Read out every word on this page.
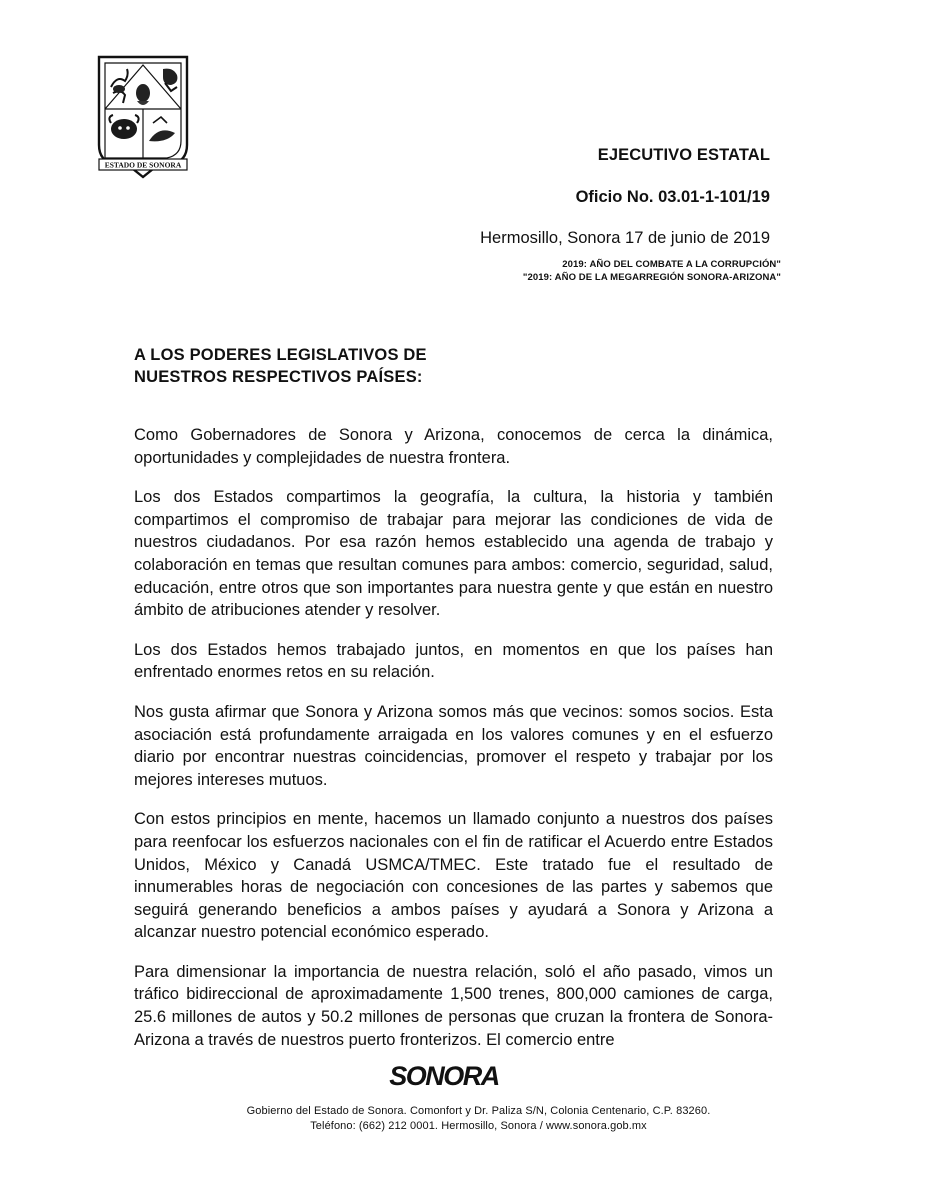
ESTADO DE SONORA
EJECUTIVO ESTATAL
Oficio No. 03.01-1-101/19
Hermosillo, Sonora 17 de junio de 2019
2019: AÑO DEL COMBATE A LA CORRUPCIÓN"
"2019: AÑO DE LA MEGARREGIÓN SONORA-ARIZONA"
A LOS PODERES LEGISLATIVOS DE
NUESTROS RESPECTIVOS PAÍSES:

Como Gobernadores de Sonora y Arizona, conocemos de cerca la dinámica, oportunidades y complejidades de nuestra frontera.

Los dos Estados compartimos la geografía, la cultura, la historia y también compartimos el compromiso de trabajar para mejorar las condiciones de vida de nuestros ciudadanos. Por esa razón hemos establecido una agenda de trabajo y colaboración en temas que resultan comunes para ambos: comercio, seguridad, salud, educación, entre otros que son importantes para nuestra gente y que están en nuestro ámbito de atribuciones atender y resolver.

Los dos Estados hemos trabajado juntos, en momentos en que los países han enfrentado enormes retos en su relación.

Nos gusta afirmar que Sonora y Arizona somos más que vecinos: somos socios. Esta asociación está profundamente arraigada en los valores comunes y en el esfuerzo diario por encontrar nuestras coincidencias, promover el respeto y trabajar por los mejores intereses mutuos.

Con estos principios en mente, hacemos un llamado conjunto a nuestros dos países para reenfocar los esfuerzos nacionales con el fin de ratificar el Acuerdo entre Estados Unidos, México y Canadá USMCA/TMEC. Este tratado fue el resultado de innumerables horas de negociación con concesiones de las partes y sabemos que seguirá generando beneficios a ambos países y ayudará a Sonora y Arizona a alcanzar nuestro potencial económico esperado.

Para dimensionar la importancia de nuestra relación, soló el año pasado, vimos un tráfico bidireccional de aproximadamente 1,500 trenes, 800,000 camiones de carga, 25.6 millones de autos y 50.2 millones de personas que cruzan la frontera de Sonora-Arizona a través de nuestros puerto fronterizos. El comercio entre

SONORA
Gobierno del Estado de Sonora. Comonfort y Dr. Paliza S/N, Colonia Centenario, C.P. 83260.
Teléfono: (662) 212 0001. Hermosillo, Sonora / www.sonora.gob.mx
